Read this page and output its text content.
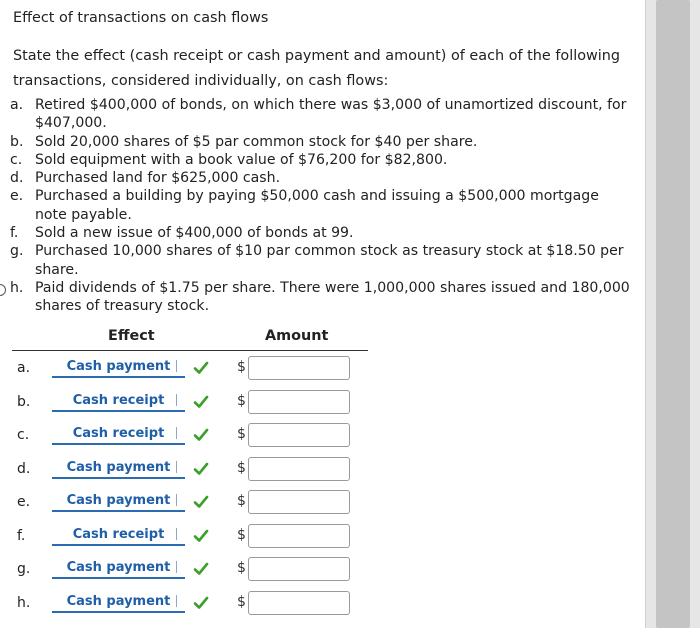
Effect of transactions on cash flows
State the effect (cash receipt or cash payment and amount) of each of the following transactions, considered individually, on cash flows:
a. Retired $400,000 of bonds, on which there was $3,000 of unamortized discount, for $407,000.
b. Sold 20,000 shares of $5 par common stock for $40 per share.
c. Sold equipment with a book value of $76,200 for $82,800.
d. Purchased land for $625,000 cash.
e. Purchased a building by paying $50,000 cash and issuing a $500,000 mortgage note payable.
f.	Sold a new issue of $400,000 of bonds at 99.
g. Purchased 10,000 shares of $10 par common stock as treasury stock at $18.50 per share.
h. Paid dividends of $1.75 per share. There were 1,000,000 shares issued and 180,000 shares of treasury stock.
Effect	Amount
a.	Cash payment	$
b.	Cash receipt	$
c.	Cash receipt	$
d.	Cash payment	$
e.	Cash payment	$
f.	Cash receipt	$
g.	Cash payment	$
h.	Cash payment	$
